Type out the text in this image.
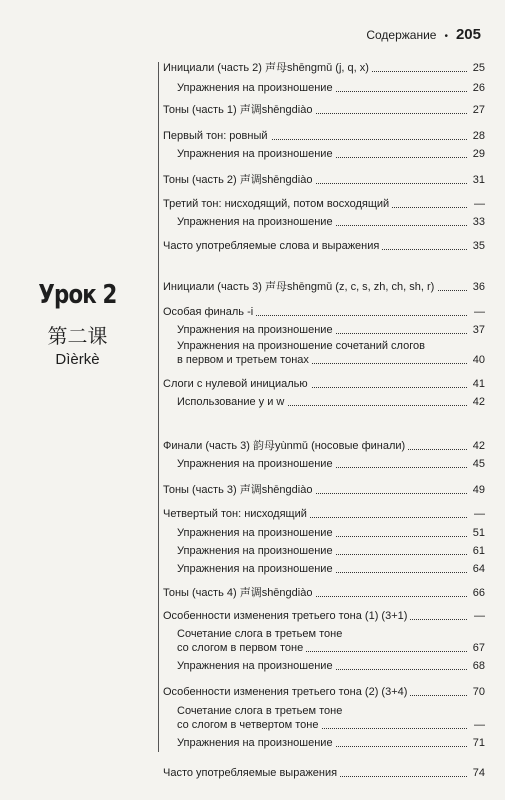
Содержание • 205
Урок 2
第二课
Dìèrkè
Инициали (часть 2) 声母shēngmǔ (j, q, x)	25
Упражнения на произношение	26
Тоны (часть 1) 声调shēngdiào	27
Первый тон: ровный	28
Упражнения на произношение	29
Тоны (часть 2) 声调shēngdiào	31
Третий тон: нисходящий, потом восходящий	—
Упражнения на произношение	33
Часто употребляемые слова и выражения	35
Инициали (часть 3) 声母shēngmǔ (z, c, s, zh, ch, sh, r)	36
Особая финаль -i	—
Упражнения на произношение	37
Упражнения на произношение сочетаний слогов
в первом и третьем тонах	40
Слоги с нулевой инициалью	41
Использование y и w	42
Финали (часть 3) 韵母yùnmǔ (носовые финали)	42
Упражнения на произношение	45
Тоны (часть 3) 声调shēngdiào	49
Четвертый тон: нисходящий	—
Упражнения на произношение	51
Упражнения на произношение	61
Упражнения на произношение	64
Тоны (часть 4) 声调shēngdiào	66
Особенности изменения третьего тона (1) (3+1)	—
Сочетание слога в третьем тоне
со слогом в первом тоне	67
Упражнения на произношение	68
Особенности изменения третьего тона (2) (3+4)	70
Сочетание слога в третьем тоне
со слогом в четвертом тоне	—
Упражнения на произношение	71
Часто употребляемые выражения	74
